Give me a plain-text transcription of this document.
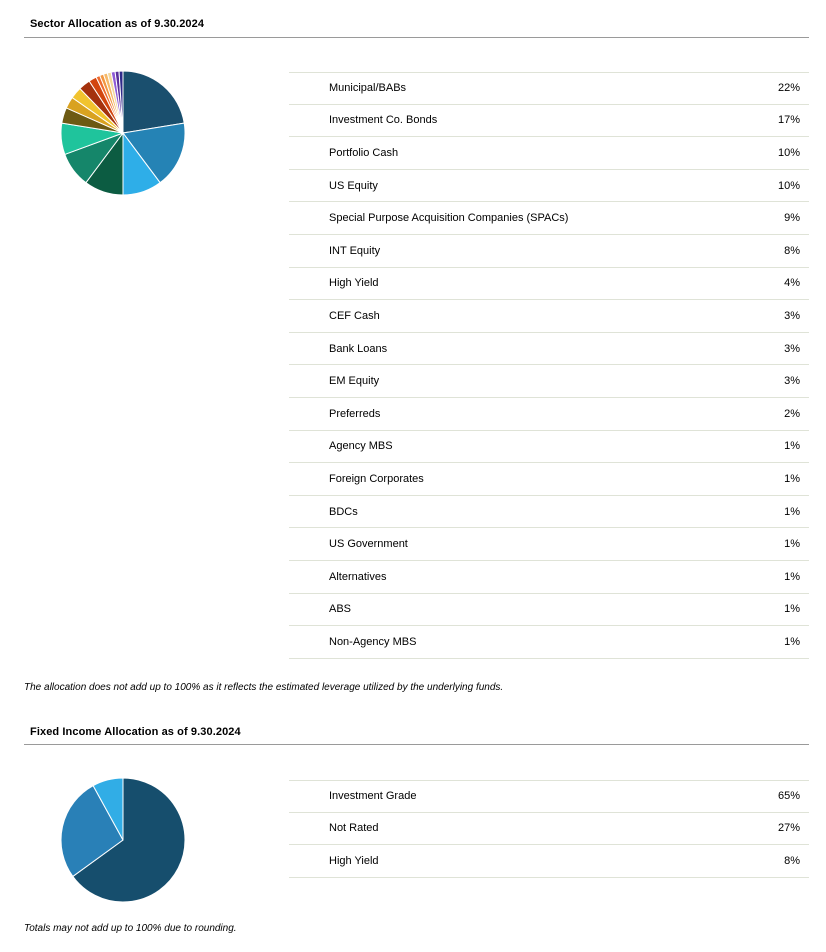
Sector Allocation as of 9.30.2024
Municipal/BABs	22%
Investment Co. Bonds	17%
Portfolio Cash	10%
US Equity	10%
Special Purpose Acquisition Companies (SPACs)	9%
INT Equity	8%
High Yield	4%
CEF Cash	3%
Bank Loans	3%
EM Equity	3%
Preferreds	2%
Agency MBS	1%
Foreign Corporates	1%
BDCs	1%
US Government	1%
Alternatives	1%
ABS	1%
Non-Agency MBS	1%
The allocation does not add up to 100% as it reflects the estimated leverage utilized by the underlying funds.
Fixed Income Allocation as of 9.30.2024
Investment Grade	65%
Not Rated	27%
High Yield	8%
Totals may not add up to 100% due to rounding.
